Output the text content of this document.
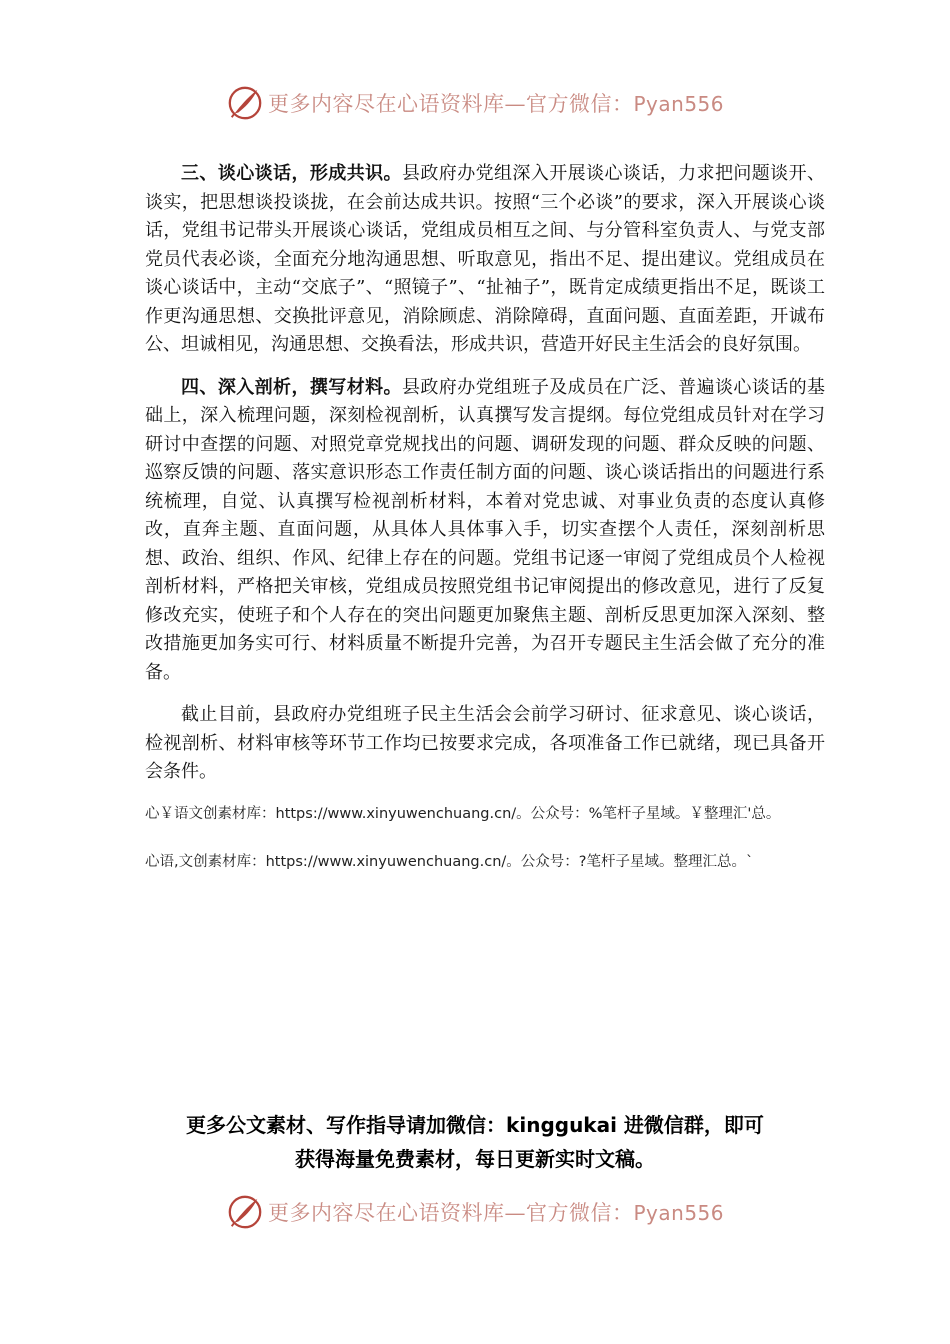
更多内容尽在心语资料库—官方微信：Pyan556

三、谈心谈话，形成共识。县政府办党组深入开展谈心谈话，力求把问题谈开、谈实，把思想谈投谈拢，在会前达成共识。按照“三个必谈”的要求，深入开展谈心谈话，党组书记带头开展谈心谈话，党组成员相互之间、与分管科室负责人、与党支部党员代表必谈，全面充分地沟通思想、听取意见，指出不足、提出建议。党组成员在谈心谈话中，主动“交底子”、“照镜子”、“扯袖子”，既肯定成绩更指出不足，既谈工作更沟通思想、交换批评意见，消除顾虑、消除障碍，直面问题、直面差距，开诚布公、坦诚相见，沟通思想、交换看法，形成共识，营造开好民主生活会的良好氛围。

四、深入剖析，撰写材料。县政府办党组班子及成员在广泛、普遍谈心谈话的基础上，深入梳理问题，深刻检视剖析，认真撰写发言提纲。每位党组成员针对在学习研讨中查摆的问题、对照党章党规找出的问题、调研发现的问题、群众反映的问题、巡察反馈的问题、落实意识形态工作责任制方面的问题、谈心谈话指出的问题进行系统梳理，自觉、认真撰写检视剖析材料，本着对党忠诚、对事业负责的态度认真修改，直奔主题、直面问题，从具体人具体事入手，切实查摆个人责任，深刻剖析思想、政治、组织、作风、纪律上存在的问题。党组书记逐一审阅了党组成员个人检视剖析材料，严格把关审核，党组成员按照党组书记审阅提出的修改意见，进行了反复修改充实，使班子和个人存在的突出问题更加聚焦主题、剖析反思更加深入深刻、整改措施更加务实可行、材料质量不断提升完善，为召开专题民主生活会做了充分的准备。

截止目前，县政府办党组班子民主生活会会前学习研讨、征求意见、谈心谈话，检视剖析、材料审核等环节工作均已按要求完成，各项准备工作已就绪，现已具备开会条件。

心￥语文创素材库：https://www.xinyuwenchuang.cn/。公众号：%笔杆子星域。￥整理汇'总。

心语,文创素材库：https://www.xinyuwenchuang.cn/。公众号：?笔杆子星域。整理汇总。`

更多公文素材、写作指导请加微信：kinggukai 进微信群，即可
获得海量免费素材，每日更新实时文稿。
更多内容尽在心语资料库—官方微信：Pyan556
